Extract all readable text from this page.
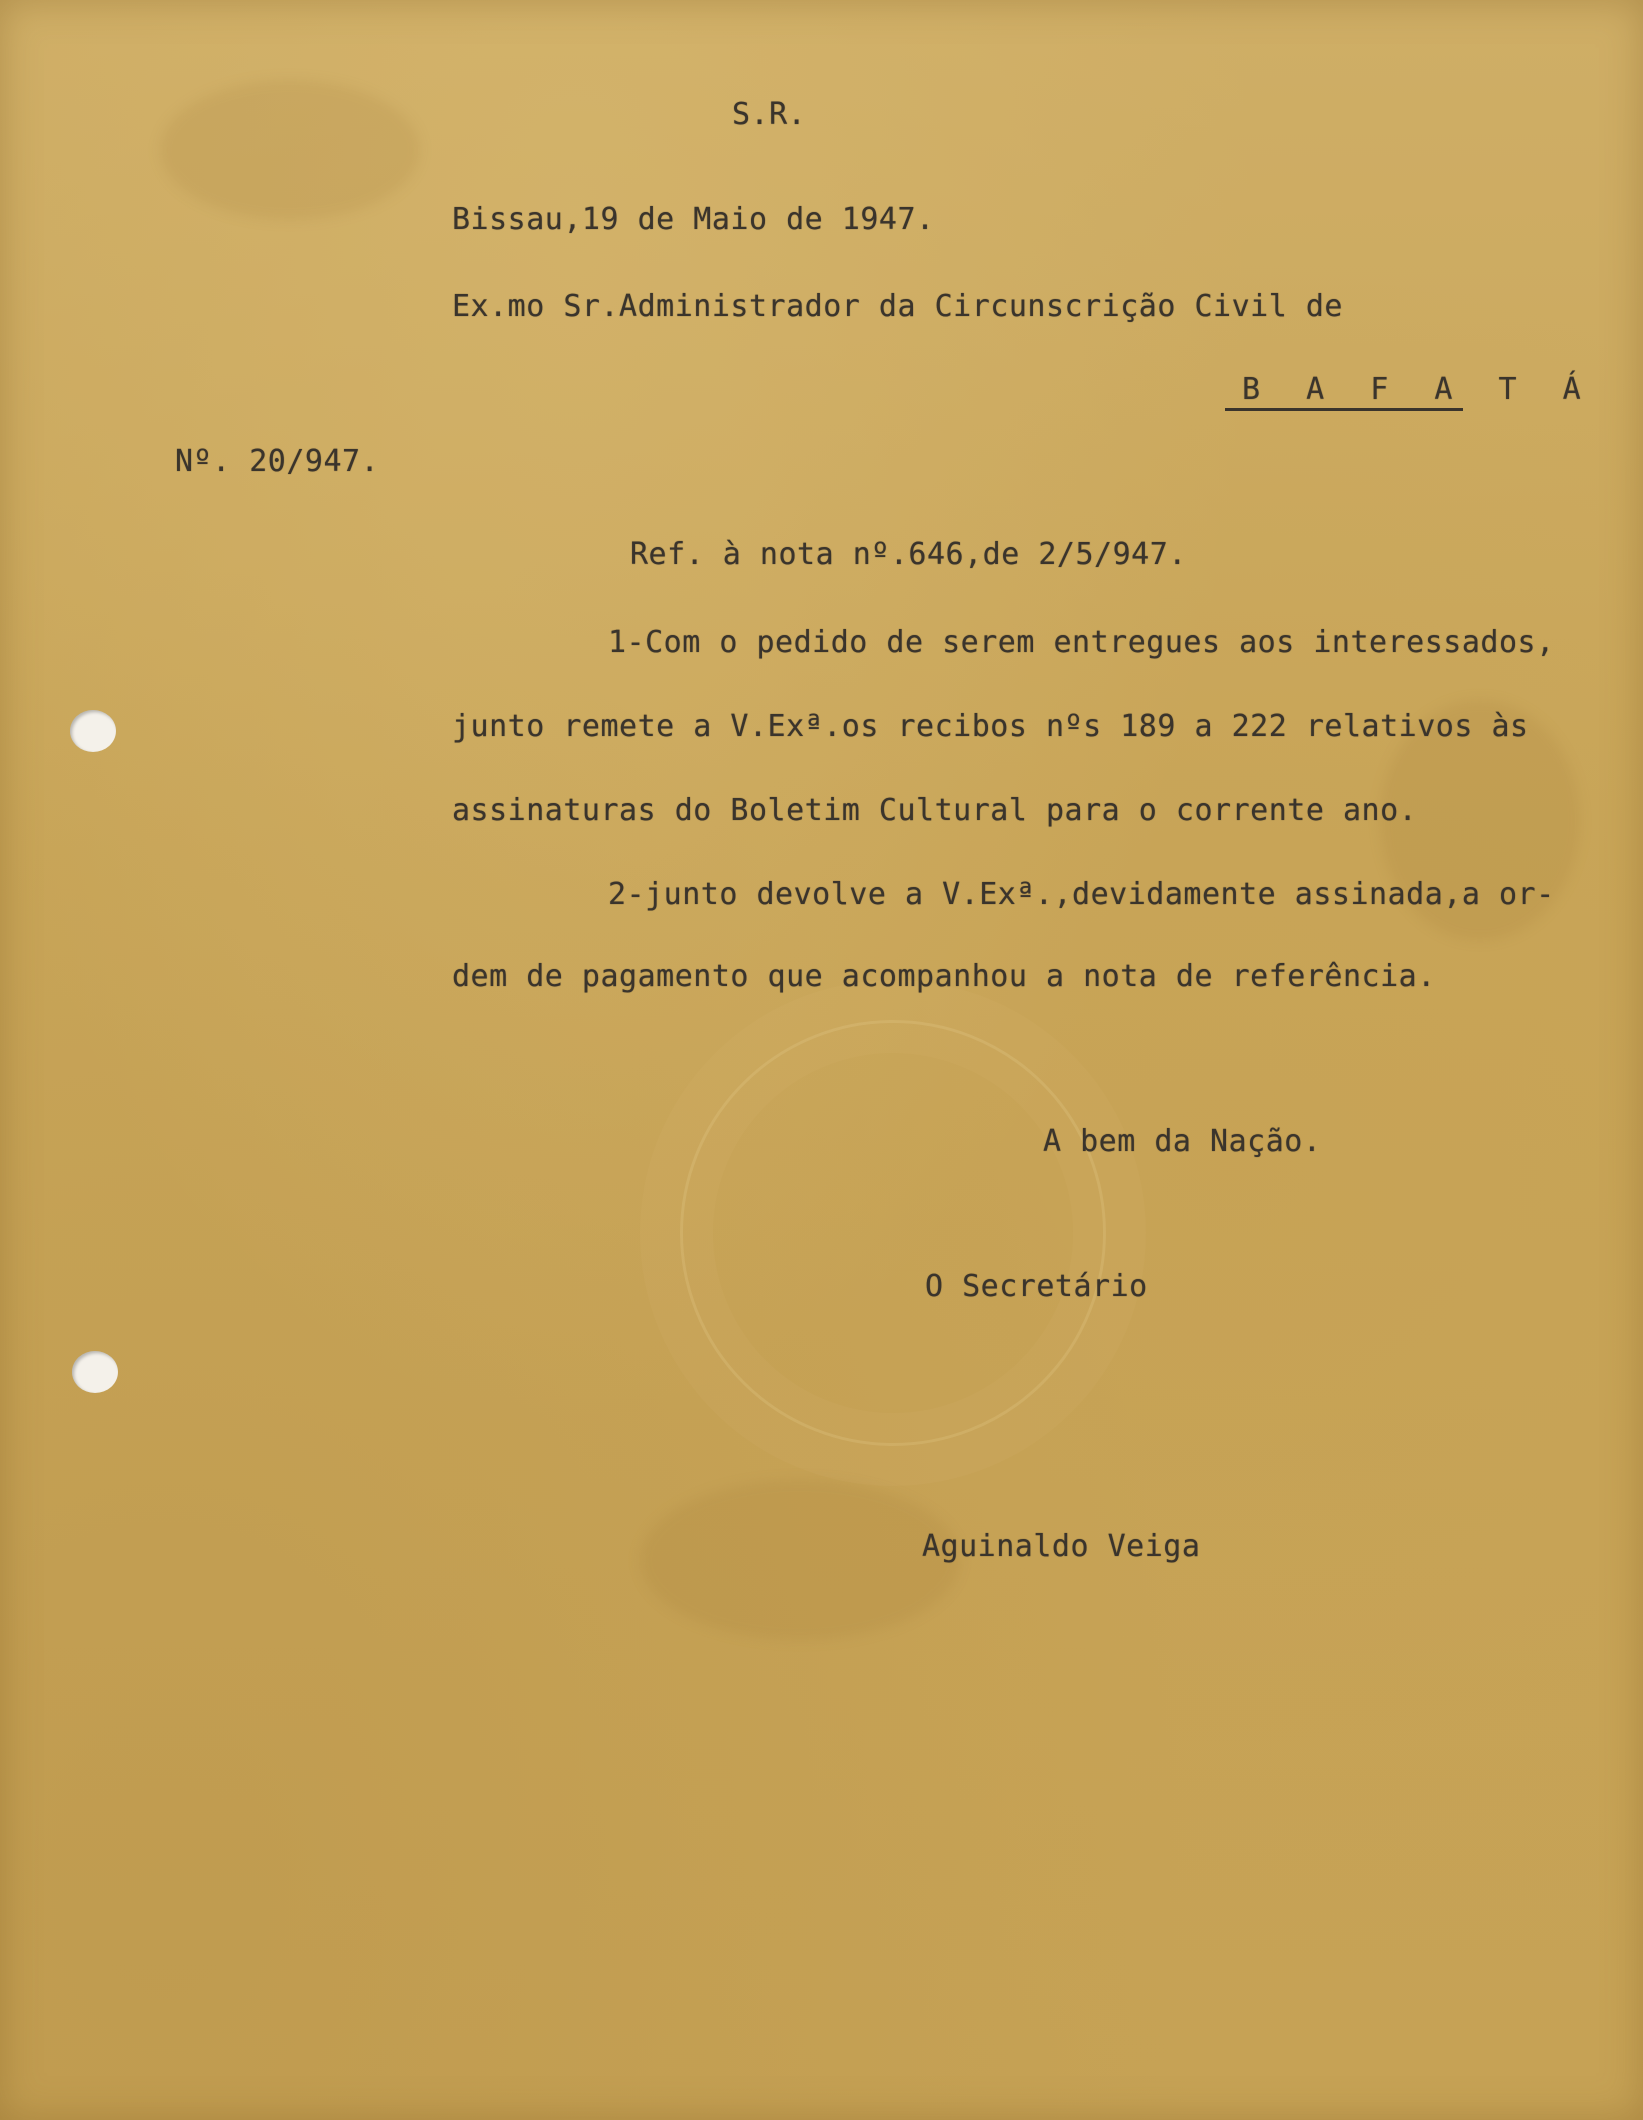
S.R.
Bissau,19 de Maio de 1947.
Ex.mo Sr.Administrador da Circunscrição Civil de
B A F A T Á
Nº. 20/947.
Ref. à nota nº.646,de 2/5/947.
1-Com o pedido de serem entregues aos interessados,
junto remete a V.Exª.os recibos nºs 189 a 222 relativos às
assinaturas do Boletim Cultural para o corrente ano.
2-junto devolve a V.Exª.,devidamente assinada,a or-
dem de pagamento que acompanhou a nota de referência.
A bem da Nação.
O Secretário
Aguinaldo Veiga
